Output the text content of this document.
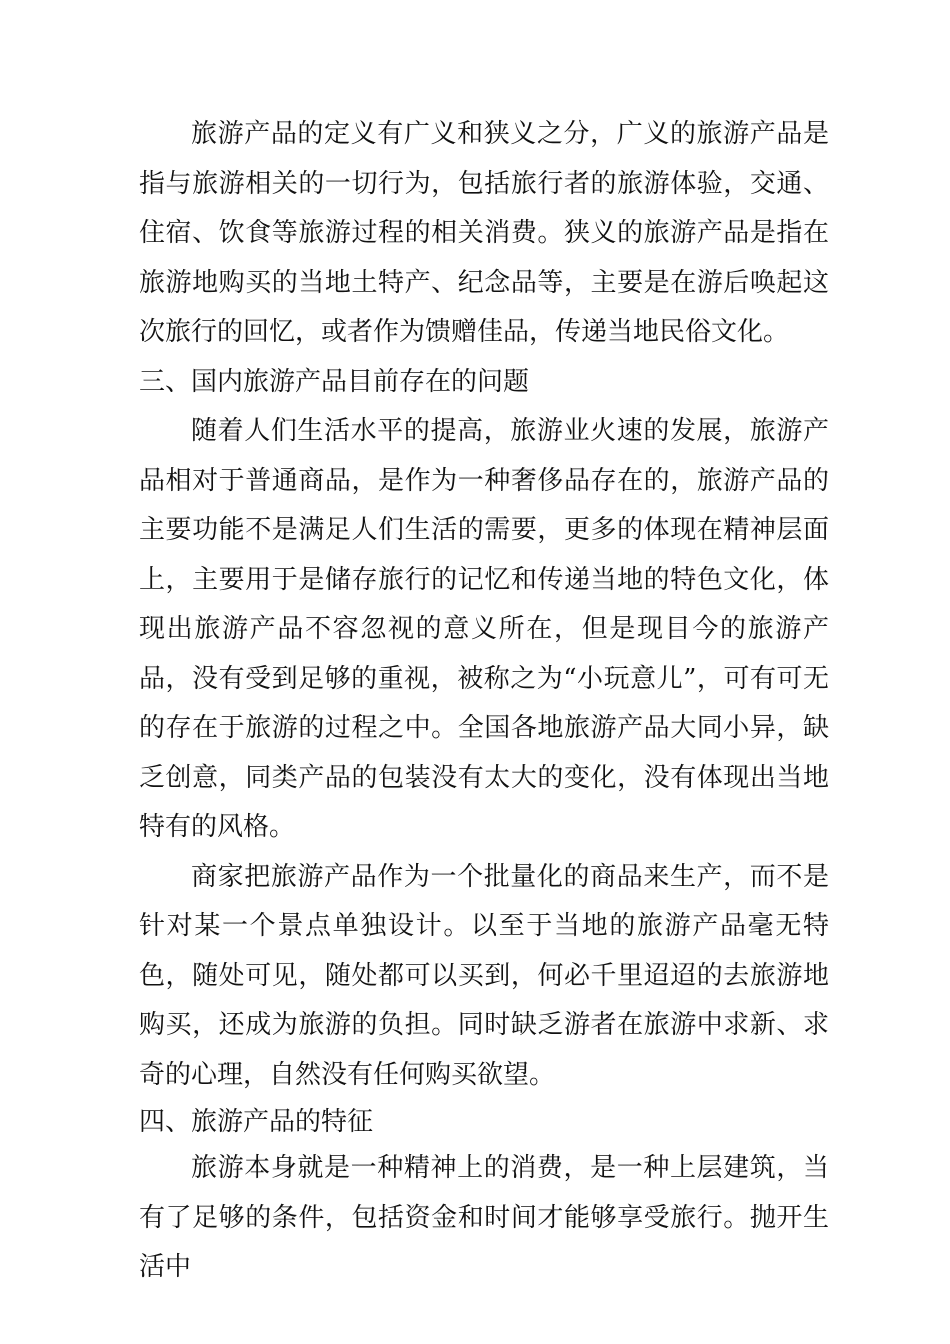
旅游产品的定义有广义和狭义之分，广义的旅游产品是指与旅游相关的一切行为，包括旅行者的旅游体验，交通、住宿、饮食等旅游过程的相关消费。狭义的旅游产品是指在旅游地购买的当地土特产、纪念品等，主要是在游后唤起这次旅行的回忆，或者作为馈赠佳品，传递当地民俗文化。

三、国内旅游产品目前存在的问题

随着人们生活水平的提高，旅游业火速的发展，旅游产品相对于普通商品，是作为一种奢侈品存在的，旅游产品的主要功能不是满足人们生活的需要，更多的体现在精神层面上，主要用于是储存旅行的记忆和传递当地的特色文化，体现出旅游产品不容忽视的意义所在，但是现目今的旅游产品，没有受到足够的重视，被称之为“小玩意儿”，可有可无的存在于旅游的过程之中。全国各地旅游产品大同小异，缺乏创意，同类产品的包装没有太大的变化，没有体现出当地特有的风格。

商家把旅游产品作为一个批量化的商品来生产，而不是针对某一个景点单独设计。以至于当地的旅游产品毫无特色，随处可见，随处都可以买到，何必千里迢迢的去旅游地购买，还成为旅游的负担。同时缺乏游者在旅游中求新、求奇的心理，自然没有任何购买欲望。

四、旅游产品的特征

旅游本身就是一种精神上的消费，是一种上层建筑，当有了足够的条件，包括资金和时间才能够享受旅行。抛开生活中
